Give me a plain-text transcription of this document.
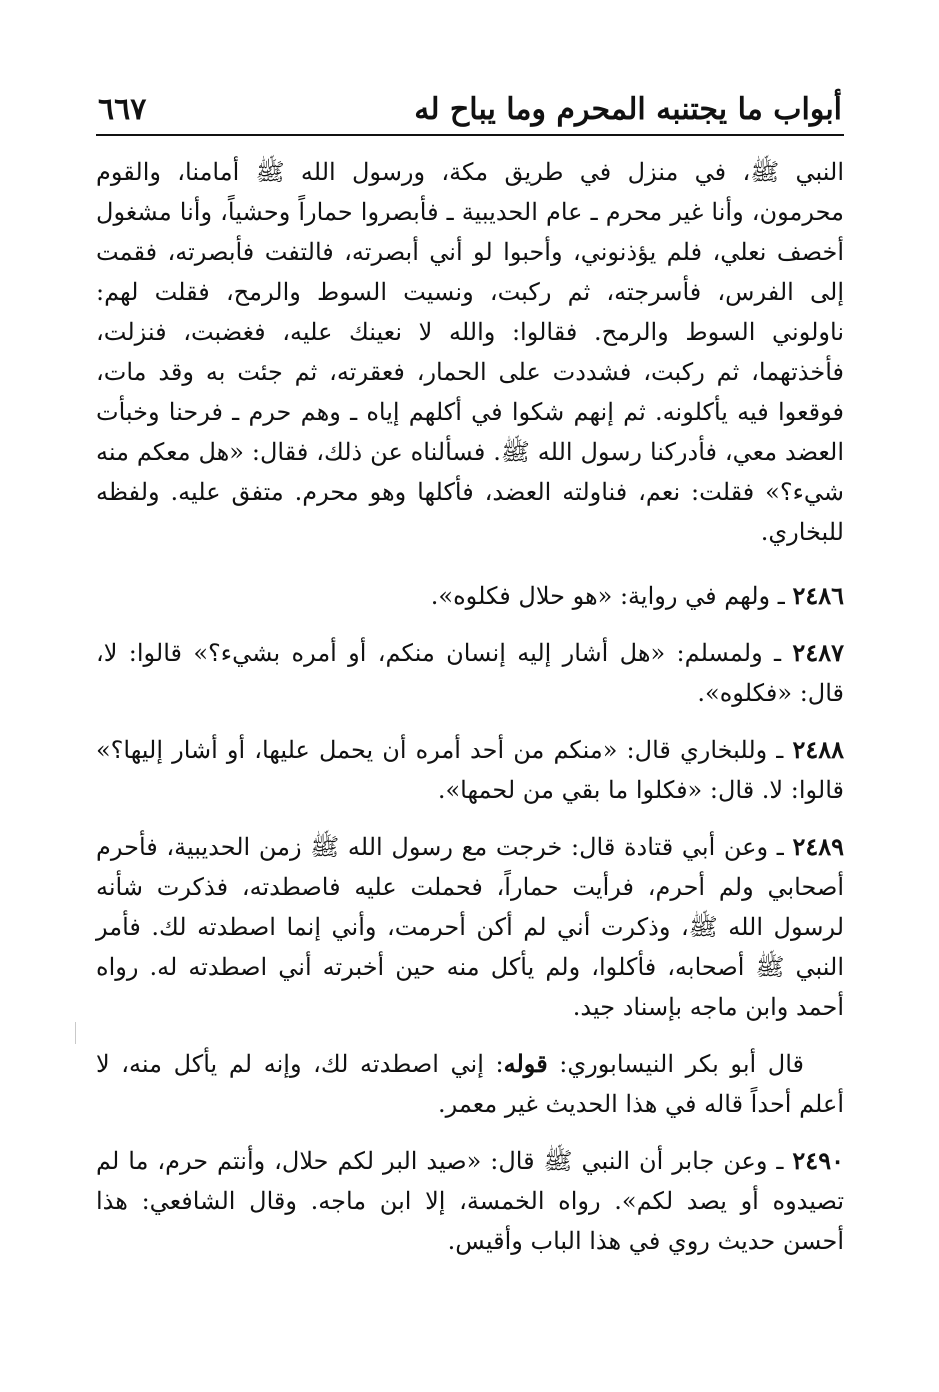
أبواب ما يجتنبه المحرم وما يباح له
٦٦٧

النبي ﷺ، في منزل في طريق مكة، ورسول الله ﷺ أمامنا، والقوم محرمون، وأنا غير محرم ـ عام الحديبية ـ فأبصروا حماراً وحشياً، وأنا مشغول أخصف نعلي، فلم يؤذنوني، وأحبوا لو أني أبصرته، فالتفت فأبصرته، فقمت إلى الفرس، فأسرجته، ثم ركبت، ونسيت السوط والرمح، فقلت لهم: ناولوني السوط والرمح. فقالوا: والله لا نعينك عليه، فغضبت، فنزلت، فأخذتهما، ثم ركبت، فشددت على الحمار، فعقرته، ثم جئت به وقد مات، فوقعوا فيه يأكلونه. ثم إنهم شكوا في أكلهم إياه ـ وهم حرم ـ فرحنا وخبأت العضد معي، فأدركنا رسول الله ﷺ. فسألناه عن ذلك، فقال: «هل معكم منه شيء؟» فقلت: نعم، فناولته العضد، فأكلها وهو محرم. متفق عليه. ولفظه للبخاري.

٢٤٨٦ ـ ولهم في رواية: «هو حلال فكلوه».

٢٤٨٧ ـ ولمسلم: «هل أشار إليه إنسان منكم، أو أمره بشيء؟» قالوا: لا، قال: «فكلوه».

٢٤٨٨ ـ وللبخاري قال: «منكم من أحد أمره أن يحمل عليها، أو أشار إليها؟» قالوا: لا. قال: «فكلوا ما بقي من لحمها».

٢٤٨٩ ـ وعن أبي قتادة قال: خرجت مع رسول الله ﷺ زمن الحديبية، فأحرم أصحابي ولم أحرم، فرأيت حماراً، فحملت عليه فاصطدته، فذكرت شأنه لرسول الله ﷺ، وذكرت أني لم أكن أحرمت، وأني إنما اصطدته لك. فأمر النبي ﷺ أصحابه، فأكلوا، ولم يأكل منه حين أخبرته أني اصطدته له. رواه أحمد وابن ماجه بإسناد جيد.

قال أبو بكر النيسابوري: قوله: إني اصطدته لك، وإنه لم يأكل منه، لا أعلم أحداً قاله في هذا الحديث غير معمر.

٢٤٩٠ ـ وعن جابر أن النبي ﷺ قال: «صيد البر لكم حلال، وأنتم حرم، ما لم تصيدوه أو يصد لكم». رواه الخمسة، إلا ابن ماجه. وقال الشافعي: هذا أحسن حديث روي في هذا الباب وأقيس.
